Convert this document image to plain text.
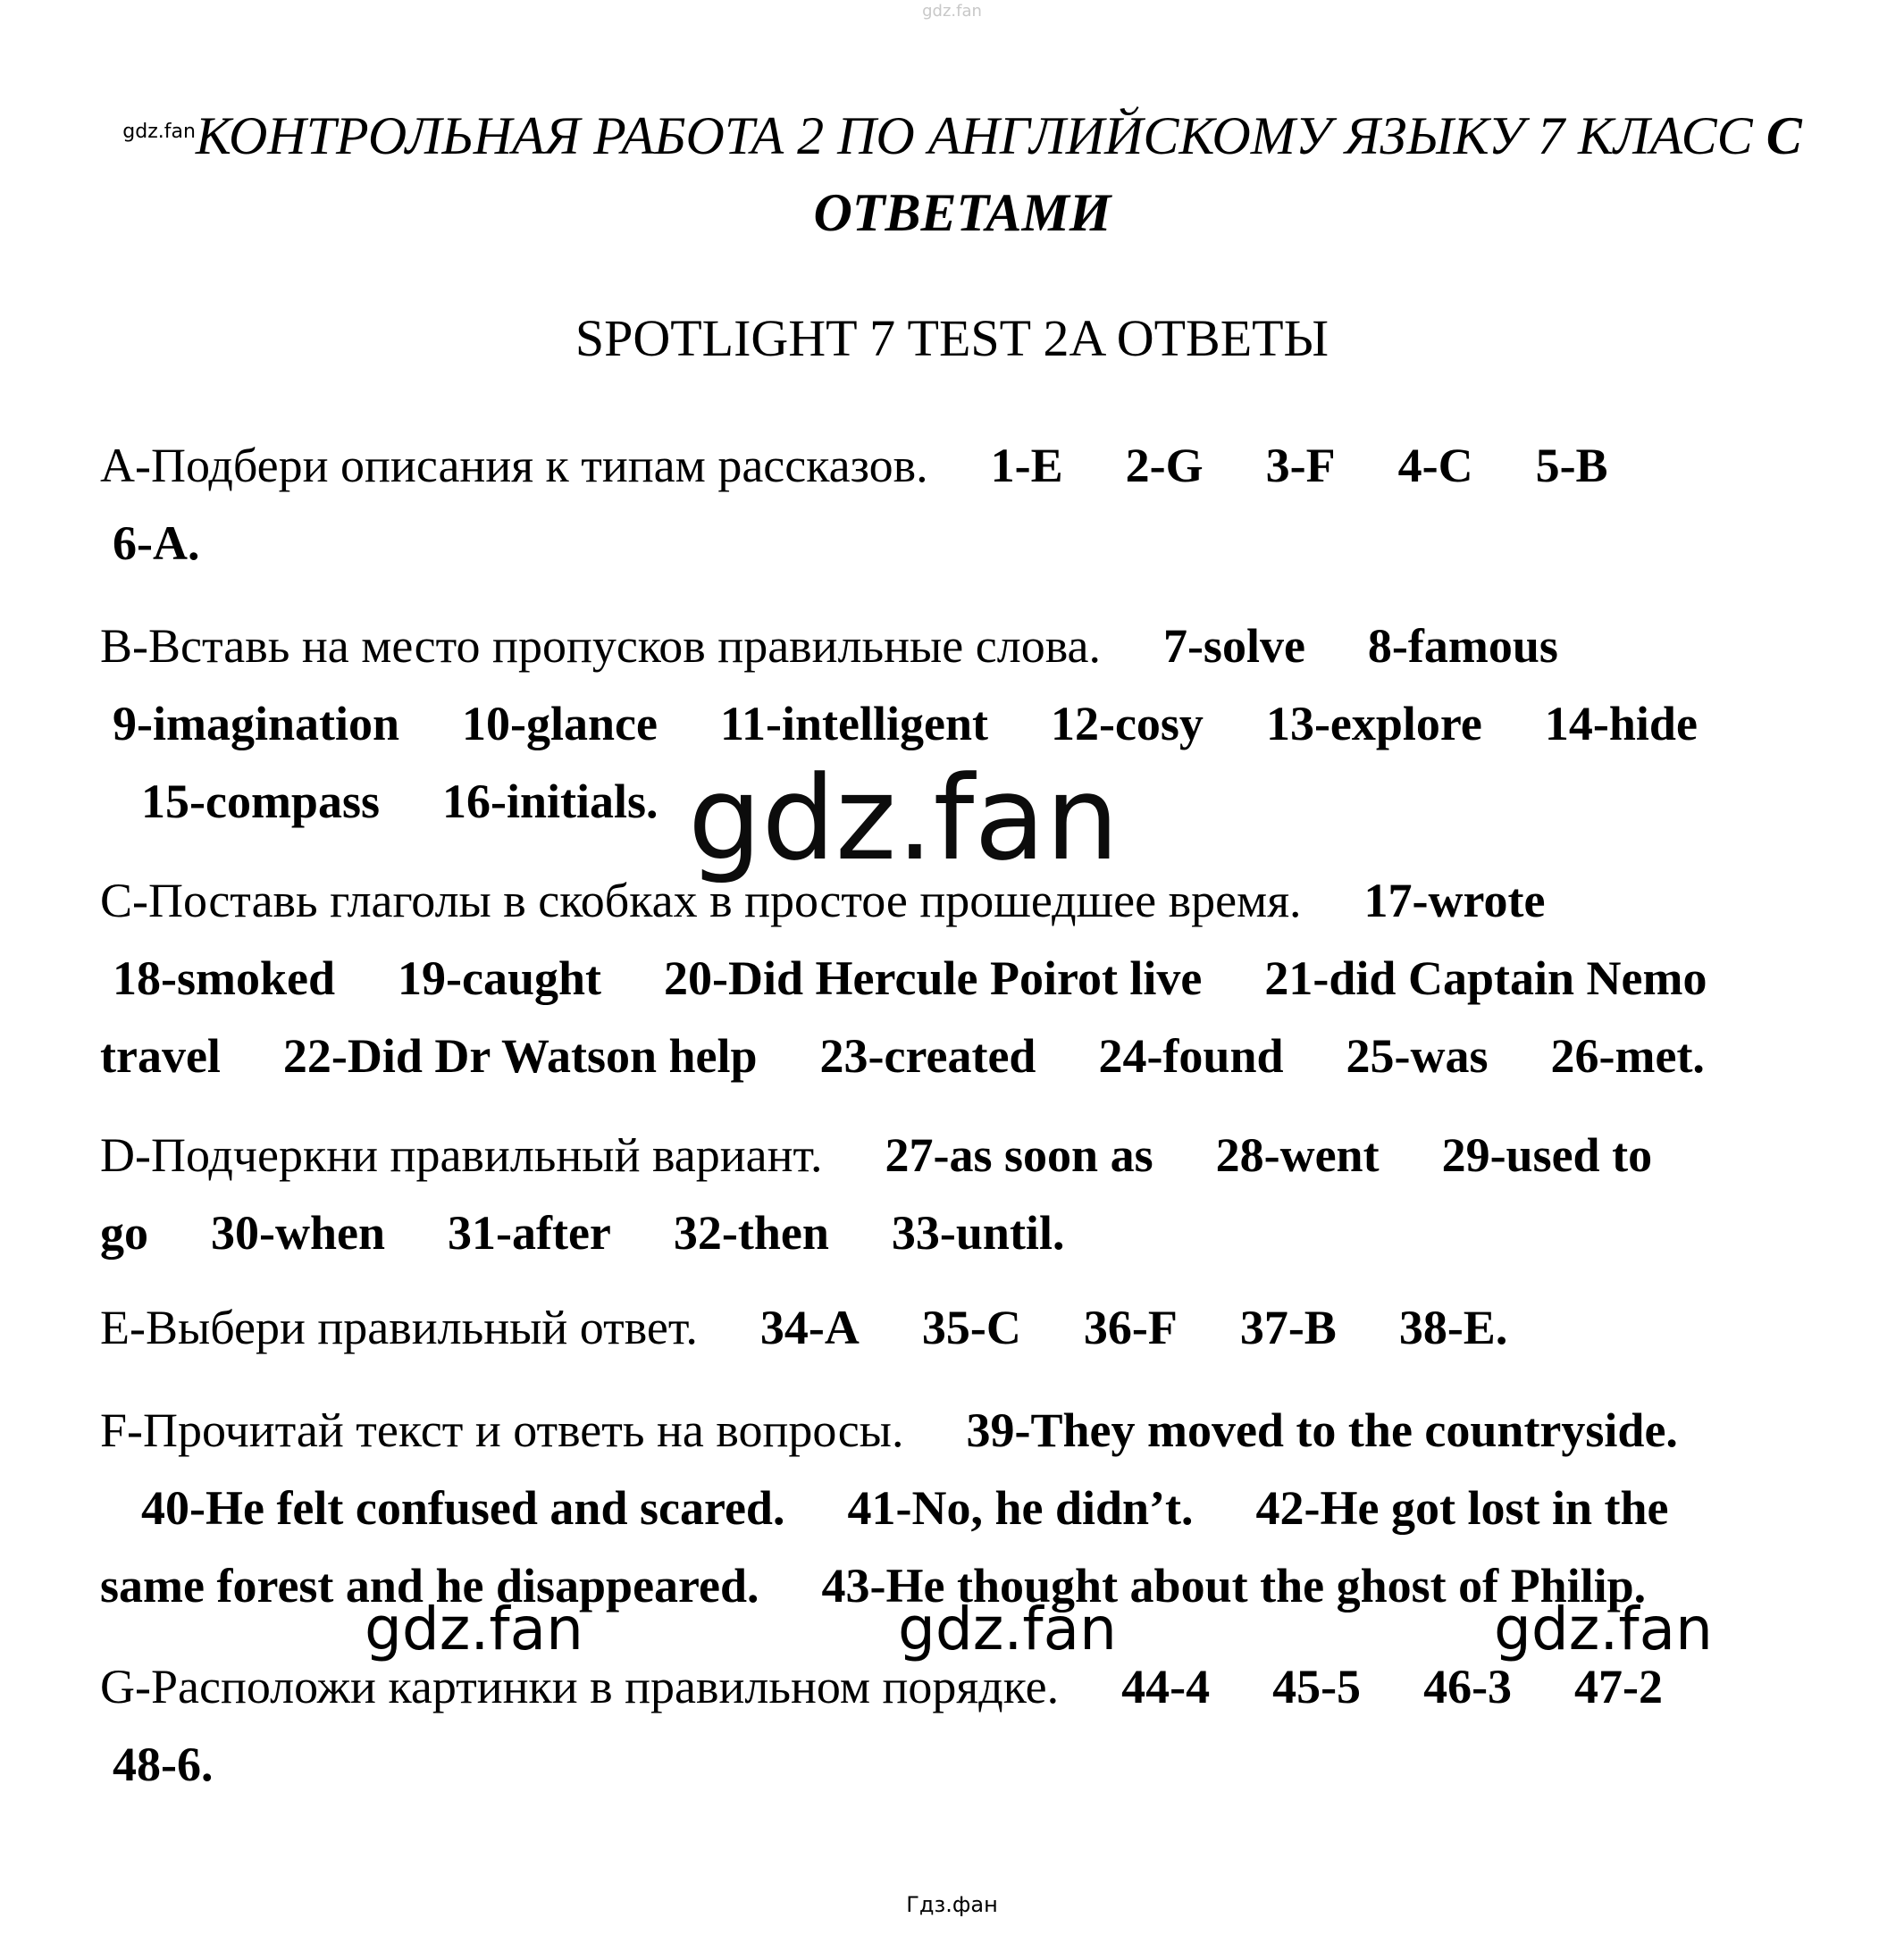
gdz.fan
$^{gdz.fan}$КОНТРОЛЬНАЯ РАБОТА 2 ПО АНГЛИЙСКОМУ ЯЗЫКУ 7 КЛАСС С
ОТВЕТАМИ
SPOTLIGHT 7 TEST 2A ОТВЕТЫ
A-Подбери описания к типам рассказов. 1-E 2-G 3-F 4-C 5-B
6-A.
B-Вставь на место пропусков правильные слова. 7-solve 8-famous
9-imagination 10-glance 11-intelligent 12-cosy 13-explore 14-hide
15-compass 16-initials.
C-Поставь глаголы в скобках в простое прошедшее время. 17-wrote
18-smoked 19-caught 20-Did Hercule Poirot live 21-did Captain Nemo
travel 22-Did Dr Watson help 23-created 24-found 25-was 26-met.
D-Подчеркни правильный вариант. 27-as soon as 28-went 29-used to
go 30-when 31-after 32-then 33-until.
E-Выбери правильный ответ. 34-A 35-C 36-F 37-B 38-E.
F-Прочитай текст и ответь на вопросы. 39-They moved to the countryside.
40-He felt confused and scared. 41-No, he didn’t. 42-He got lost in the
same forest and he disappeared. 43-He thought about the ghost of Philip.
G-Расположи картинки в правильном порядке. 44-4 45-5 46-3 47-2
48-6.
gdz.fan
gdz.fan	gdz.fan	gdz.fan
Гдз.фан
